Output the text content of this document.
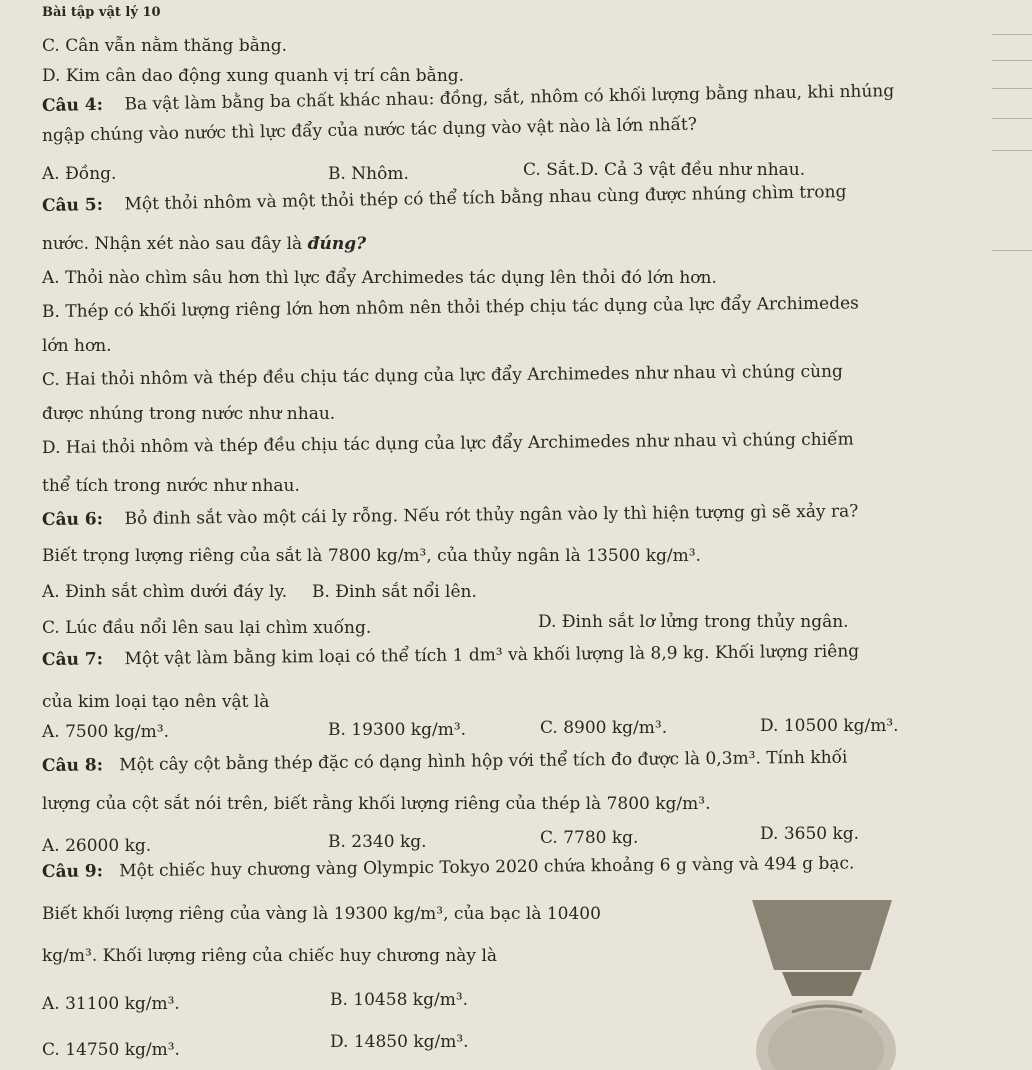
Bài tập vật lý 10
C. Cân vẫn nằm thăng bằng.
D. Kim cân dao động xung quanh vị trí cân bằng.
Câu 4: Ba vật làm bằng ba chất khác nhau: đồng, sắt, nhôm có khối lượng bằng nhau, khi nhúng
ngập chúng vào nước thì lực đẩy của nước tác dụng vào vật nào là lớn nhất?
A. Đồng.	B. Nhôm.	C. Sắt.D. Cả 3 vật đều như nhau.
Câu 5: Một thỏi nhôm và một thỏi thép có thể tích bằng nhau cùng được nhúng chìm trong
nước. Nhận xét nào sau đây là đúng?
A. Thỏi nào chìm sâu hơn thì lực đẩy Archimedes tác dụng lên thỏi đó lớn hơn.
B. Thép có khối lượng riêng lớn hơn nhôm nên thỏi thép chịu tác dụng của lực đẩy Archimedes
lớn hơn.
C. Hai thỏi nhôm và thép đều chịu tác dụng của lực đẩy Archimedes như nhau vì chúng cùng
được nhúng trong nước như nhau.
D. Hai thỏi nhôm và thép đều chịu tác dụng của lực đẩy Archimedes như nhau vì chúng chiếm
thể tích trong nước như nhau.
Câu 6: Bỏ đinh sắt vào một cái ly rỗng. Nếu rót thủy ngân vào ly thì hiện tượng gì sẽ xảy ra?
Biết trọng lượng riêng của sắt là 7800 kg/m³, của thủy ngân là 13500 kg/m³.
A. Đinh sắt chìm dưới đáy ly. B. Đinh sắt nổi lên.
C. Lúc đầu nổi lên sau lại chìm xuống.	D. Đinh sắt lơ lửng trong thủy ngân.
Câu 7: Một vật làm bằng kim loại có thể tích 1 dm³ và khối lượng là 8,9 kg. Khối lượng riêng
của kim loại tạo nên vật là
A. 7500 kg/m³.	B. 19300 kg/m³.	C. 8900 kg/m³.	D. 10500 kg/m³.
Câu 8: Một cây cột bằng thép đặc có dạng hình hộp với thể tích đo được là 0,3m³. Tính khối
lượng của cột sắt nói trên, biết rằng khối lượng riêng của thép là 7800 kg/m³.
A. 26000 kg.	B. 2340 kg.	C. 7780 kg.	D. 3650 kg.
Câu 9: Một chiếc huy chương vàng Olympic Tokyo 2020 chứa khoảng 6 g vàng và 494 g bạc.
Biết khối lượng riêng của vàng là 19300 kg/m³, của bạc là 10400
kg/m³. Khối lượng riêng của chiếc huy chương này là
A. 31100 kg/m³.	B. 10458 kg/m³.
C. 14750 kg/m³.	D. 14850 kg/m³.
